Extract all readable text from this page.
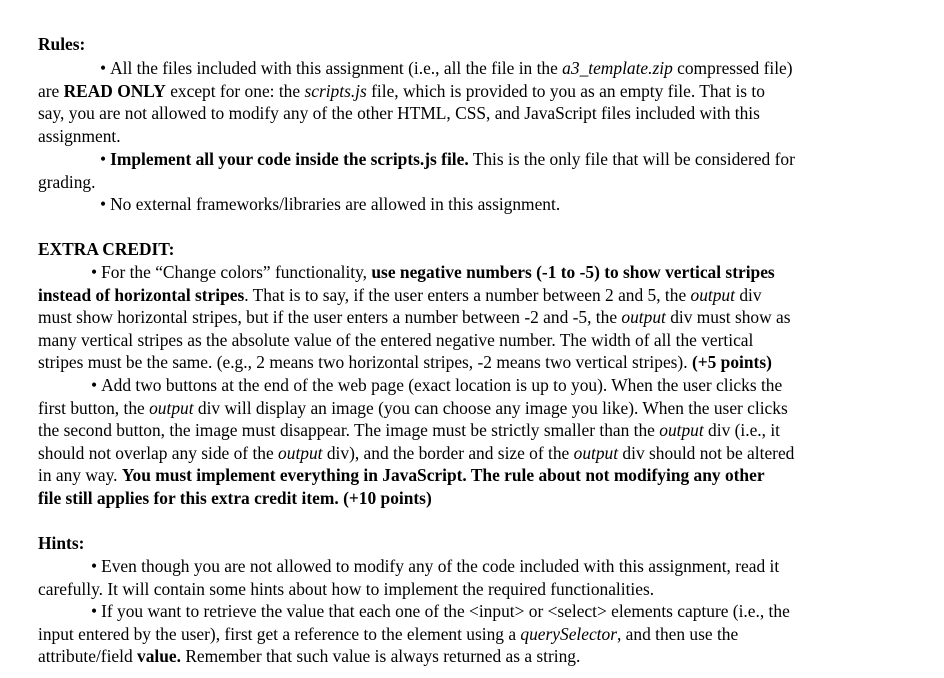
Rules:

• All the files included with this assignment (i.e., all the file in the a3_template.zip compressed file)
are READ ONLY except for one: the scripts.js file, which is provided to you as an empty file. That is to
say, you are not allowed to modify any of the other HTML, CSS, and JavaScript files included with this
assignment.

• Implement all your code inside the scripts.js file. This is the only file that will be considered for
grading.

• No external frameworks/libraries are allowed in this assignment.

EXTRA CREDIT:

• For the “Change colors” functionality, use negative numbers (-1 to -5) to show vertical stripes
instead of horizontal stripes. That is to say, if the user enters a number between 2 and 5, the output div
must show horizontal stripes, but if the user enters a number between -2 and -5, the output div must show as
many vertical stripes as the absolute value of the entered negative number. The width of all the vertical
stripes must be the same. (e.g., 2 means two horizontal stripes, -2 means two vertical stripes). (+5 points)

• Add two buttons at the end of the web page (exact location is up to you). When the user clicks the
first button, the output div will display an image (you can choose any image you like). When the user clicks
the second button, the image must disappear. The image must be strictly smaller than the output div (i.e., it
should not overlap any side of the output div), and the border and size of the output div should not be altered
in any way. You must implement everything in JavaScript. The rule about not modifying any other
file still applies for this extra credit item. (+10 points)

Hints:

• Even though you are not allowed to modify any of the code included with this assignment, read it
carefully. It will contain some hints about how to implement the required functionalities.

• If you want to retrieve the value that each one of the <input> or <select> elements capture (i.e., the
input entered by the user), first get a reference to the element using a querySelector, and then use the
attribute/field value. Remember that such value is always returned as a string.
